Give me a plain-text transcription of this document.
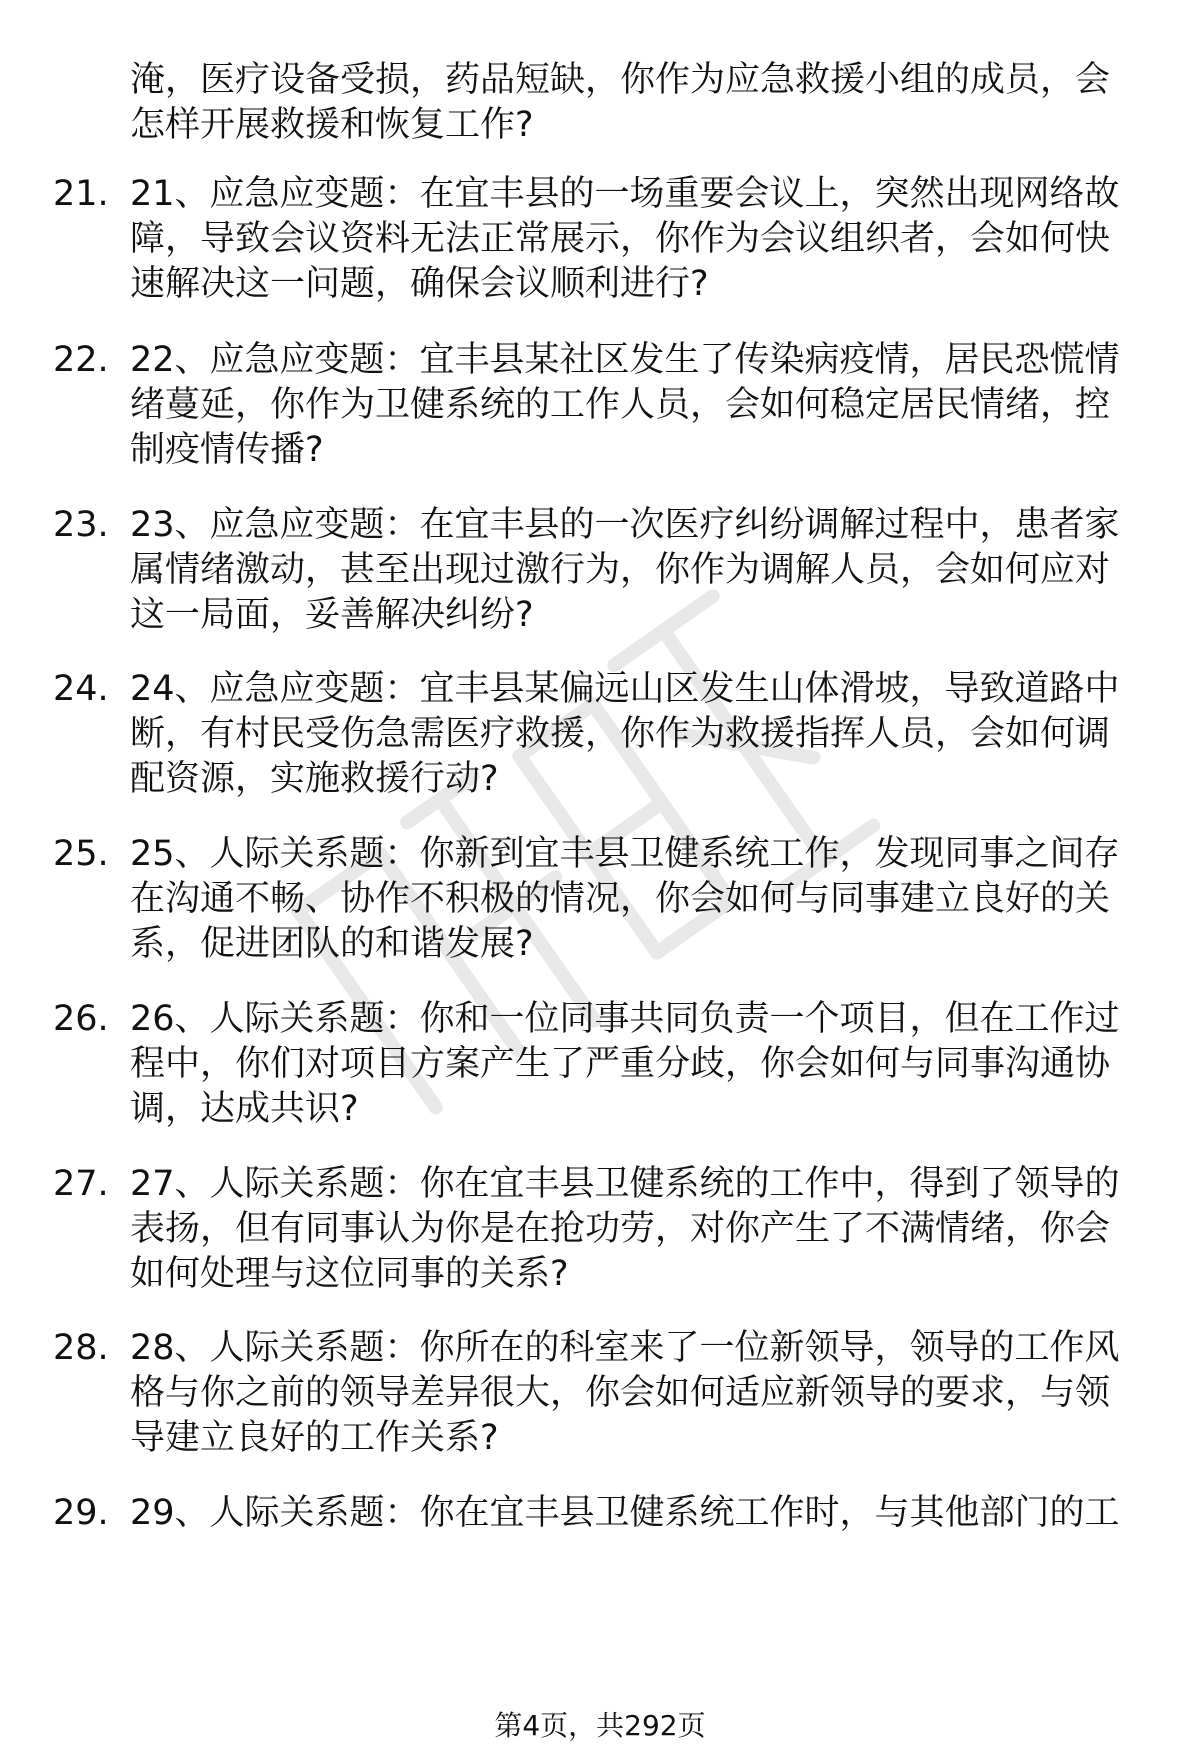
淹，医疗设备受损，药品短缺，你作为应急救援小组的成员，会

怎样开展救援和恢复工作?

21.

21、应急应变题：在宜丰县的一场重要会议上，突然出现网络故

障，导致会议资料无法正常展示，你作为会议组织者，会如何快

速解决这一问题，确保会议顺利进行?

22.

22、应急应变题：宜丰县某社区发生了传染病疫情，居民恐慌情

绪蔓延，你作为卫健系统的工作人员，会如何稳定居民情绪，控

制疫情传播?

23.

23、应急应变题：在宜丰县的一次医疗纠纷调解过程中，患者家

属情绪激动，甚至出现过激行为，你作为调解人员，会如何应对

这一局面，妥善解决纠纷?

24.

24、应急应变题：宜丰县某偏远山区发生山体滑坡，导致道路中

断，有村民受伤急需医疗救援，你作为救援指挥人员，会如何调

配资源，实施救援行动?

25.

25、人际关系题：你新到宜丰县卫健系统工作，发现同事之间存

在沟通不畅、协作不积极的情况，你会如何与同事建立良好的关

系，促进团队的和谐发展?

26.

26、人际关系题：你和一位同事共同负责一个项目，但在工作过

程中，你们对项目方案产生了严重分歧，你会如何与同事沟通协

调，达成共识?

27.

27、人际关系题：你在宜丰县卫健系统的工作中，得到了领导的

表扬，但有同事认为你是在抢功劳，对你产生了不满情绪，你会

如何处理与这位同事的关系?

28.

28、人际关系题：你所在的科室来了一位新领导，领导的工作风

格与你之前的领导差异很大，你会如何适应新领导的要求，与领

导建立良好的工作关系?

29.

29、人际关系题：你在宜丰县卫健系统工作时，与其他部门的工

第4页，共292页
